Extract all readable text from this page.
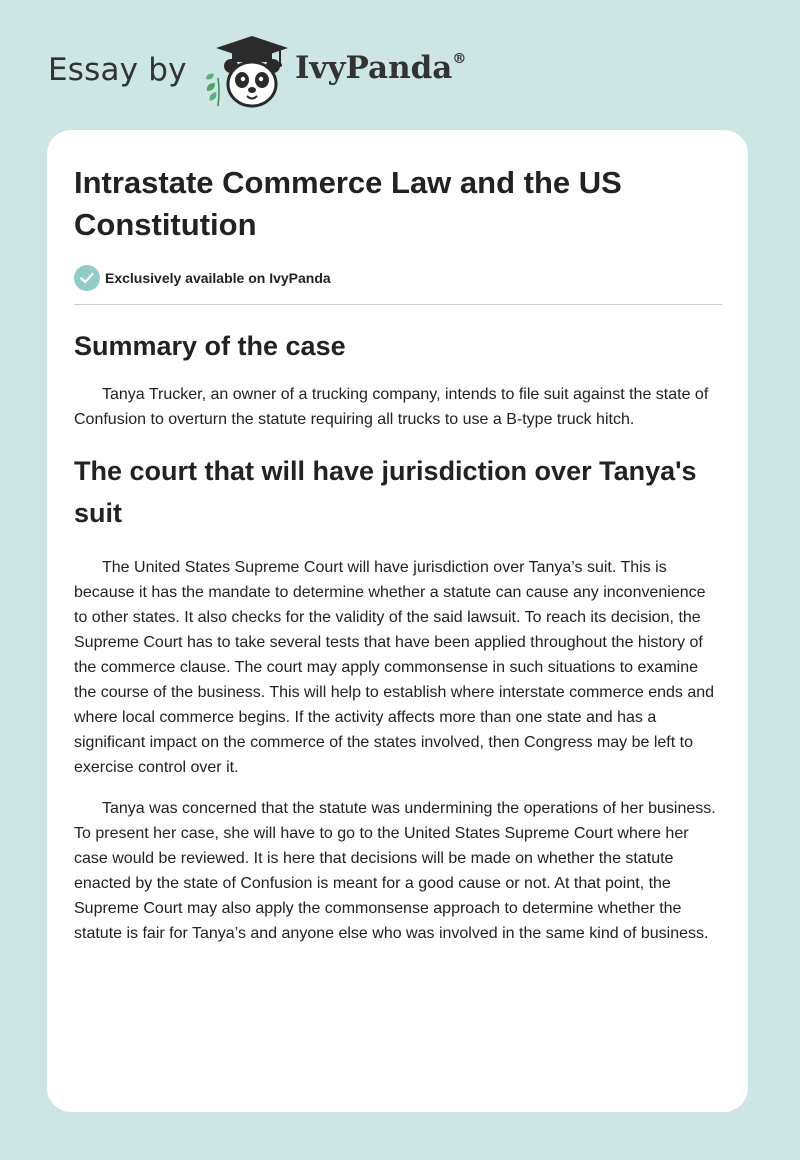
Essay by	IvyPanda®
Intrastate Commerce Law and the US Constitution
Exclusively available on IvyPanda
Summary of the case

Tanya Trucker, an owner of a trucking company, intends to file suit against the state of Confusion to overturn the statute requiring all trucks to use a B-type truck hitch.

The court that will have jurisdiction over Tanya's suit

The United States Supreme Court will have jurisdiction over Tanya’s suit. This is because it has the mandate to determine whether a statute can cause any inconvenience to other states. It also checks for the validity of the said lawsuit. To reach its decision, the Supreme Court has to take several tests that have been applied throughout the history of the commerce clause. The court may apply commonsense in such situations to examine the course of the business. This will help to establish where interstate commerce ends and where local commerce begins. If the activity affects more than one state and has a significant impact on the commerce of the states involved, then Congress may be left to exercise control over it.

Tanya was concerned that the statute was undermining the operations of her business. To present her case, she will have to go to the United States Supreme Court where her case would be reviewed. It is here that decisions will be made on whether the statute enacted by the state of Confusion is meant for a good cause or not. At that point, the Supreme Court may also apply the commonsense approach to determine whether the statute is fair for Tanya’s and anyone else who was involved in the same kind of business.
